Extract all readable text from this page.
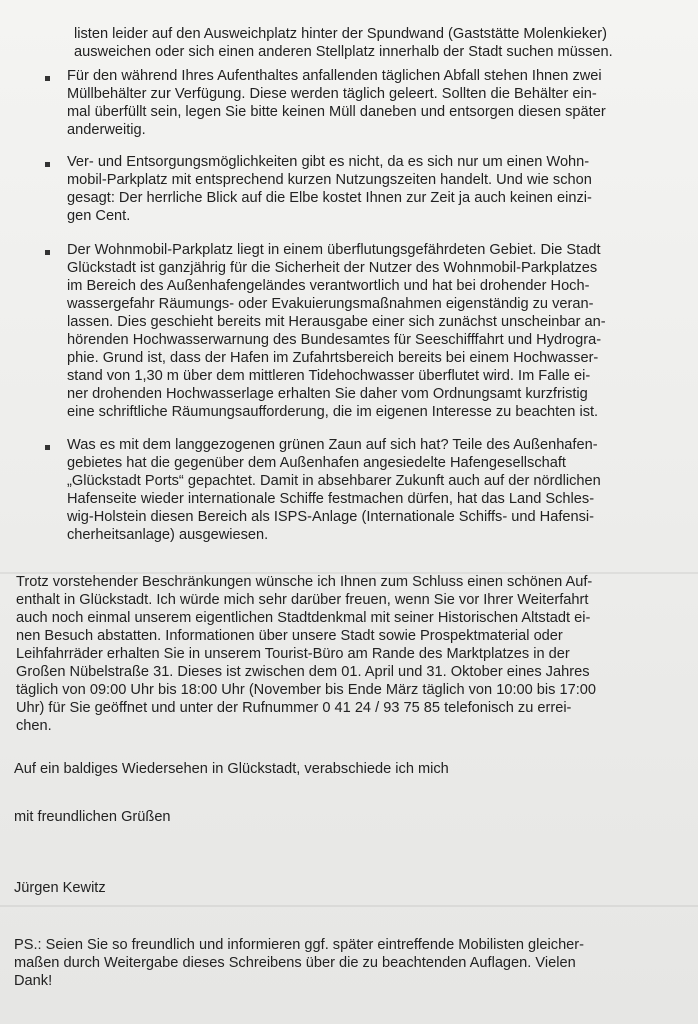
listen leider auf den Ausweichplatz hinter der Spundwand (Gaststätte Molenkieker)
ausweichen oder sich einen anderen Stellplatz innerhalb der Stadt suchen müssen.
Für den während Ihres Aufenthaltes anfallenden täglichen Abfall stehen Ihnen zwei
Müllbehälter zur Verfügung. Diese werden täglich geleert. Sollten die Behälter ein-
mal überfüllt sein, legen Sie bitte keinen Müll daneben und entsorgen diesen später
anderweitig.
Ver- und Entsorgungsmöglichkeiten gibt es nicht, da es sich nur um einen Wohn-
mobil-Parkplatz mit entsprechend kurzen Nutzungszeiten handelt. Und wie schon
gesagt: Der herrliche Blick auf die Elbe kostet Ihnen zur Zeit ja auch keinen einzi-
gen Cent.
Der Wohnmobil-Parkplatz liegt in einem überflutungsgefährdeten Gebiet. Die Stadt
Glückstadt ist ganzjährig für die Sicherheit der Nutzer des Wohnmobil-Parkplatzes
im Bereich des Außenhafengeländes verantwortlich und hat bei drohender Hoch-
wassergefahr Räumungs- oder Evakuierungsmaßnahmen eigenständig zu veran-
lassen. Dies geschieht bereits mit Herausgabe einer sich zunächst unscheinbar an-
hörenden Hochwasserwarnung des Bundesamtes für Seeschifffahrt und Hydrogra-
phie. Grund ist, dass der Hafen im Zufahrtsbereich bereits bei einem Hochwasser-
stand von 1,30 m über dem mittleren Tidehochwasser überflutet wird. Im Falle ei-
ner drohenden Hochwasserlage erhalten Sie daher vom Ordnungsamt kurzfristig
eine schriftliche Räumungsaufforderung, die im eigenen Interesse zu beachten ist.
Was es mit dem langgezogenen grünen Zaun auf sich hat? Teile des Außenhafen-
gebietes hat die gegenüber dem Außenhafen angesiedelte Hafengesellschaft
„Glückstadt Ports“ gepachtet. Damit in absehbarer Zukunft auch auf der nördlichen
Hafenseite wieder internationale Schiffe festmachen dürfen, hat das Land Schles-
wig-Holstein diesen Bereich als ISPS-Anlage (Internationale Schiffs- und Hafensi-
cherheitsanlage) ausgewiesen.
Trotz vorstehender Beschränkungen wünsche ich Ihnen zum Schluss einen schönen Auf-
enthalt in Glückstadt. Ich würde mich sehr darüber freuen, wenn Sie vor Ihrer Weiterfahrt
auch noch einmal unserem eigentlichen Stadtdenkmal mit seiner Historischen Altstadt ei-
nen Besuch abstatten. Informationen über unsere Stadt sowie Prospektmaterial oder
Leihfahrräder erhalten Sie in unserem Tourist-Büro am Rande des Marktplatzes in der
Großen Nübelstraße 31. Dieses ist zwischen dem 01. April und 31. Oktober eines Jahres
täglich von 09:00 Uhr bis 18:00 Uhr (November bis Ende März täglich von 10:00 bis 17:00
Uhr) für Sie geöffnet und unter der Rufnummer 0 41 24 / 93 75 85 telefonisch zu errei-
chen.
Auf ein baldiges Wiedersehen in Glückstadt, verabschiede ich mich
mit freundlichen Grüßen
Jürgen Kewitz
PS.: Seien Sie so freundlich und informieren ggf. später eintreffende Mobilisten gleicher-
maßen durch Weitergabe dieses Schreibens über die zu beachtenden Auflagen. Vielen
Dank!
